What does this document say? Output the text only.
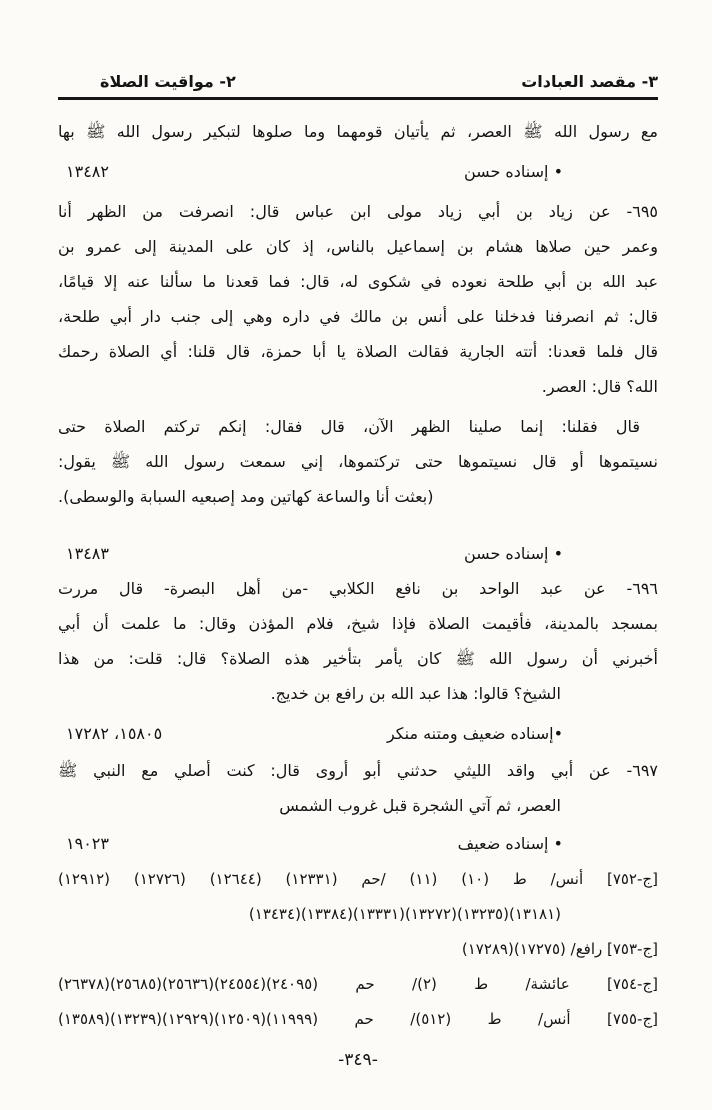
٢- مواقيت الصلاة	٣- مقصد العبادات
مع رسول الله ﷺ العصر، ثم يأتيان قومهما وما صلوها لتبكير رسول الله ﷺ بها
• إسناده حسن
١٣٤٨٢
٦٩٥- عن زياد بن أبي زياد مولى ابن عباس قال: انصرفت من الظهر أنا
وعمر حين صلاها هشام بن إسماعيل بالناس، إذ كان على المدينة إلى عمرو بن
عبد الله بن أبي طلحة نعوده في شكوى له، قال: فما قعدنا ما سألنا عنه إلا قيامًا،
قال: ثم انصرفنا فدخلنا على أنس بن مالك في داره وهي إلى جنب دار أبي طلحة،
قال فلما قعدنا: أتته الجارية فقالت الصلاة يا أبا حمزة، قال قلنا: أي الصلاة رحمك
الله؟ قال: العصر.
قال فقلنا: إنما صلينا الظهر الآن، قال فقال: إنكم تركتم الصلاة حتى
نسيتموها أو قال نسيتموها حتى تركتموها، إني سمعت رسول الله ﷺ يقول:
(بعثت أنا والساعة كهاتين ومد إصبعيه السبابة والوسطى).
• إسناده حسن
١٣٤٨٣
٦٩٦- عن عبد الواحد بن نافع الكلابي -من أهل البصرة- قال مررت
بمسجد بالمدينة، فأقيمت الصلاة فإذا شيخ، فلام المؤذن وقال: ما علمت أن أبي
أخبرني أن رسول الله ﷺ كان يأمر بتأخير هذه الصلاة؟ قال: قلت: من هذا
الشيخ؟ قالوا: هذا عبد الله بن رافع بن خديج.
•إسناده ضعيف ومتنه منكر
١٥٨٠٥، ١٧٢٨٢
٦٩٧- عن أبي واقد الليثي حدثني أبو أروى قال: كنت أصلي مع النبي ﷺ
العصر، ثم آتي الشجرة قبل غروب الشمس
• إسناده ضعيف
١٩٠٢٣
[ج-٧٥٢] أنس/ ط (١٠) (١١) /حم (١٢٣٣١) (١٢٦٤٤) (١٢٧٢٦) (١٢٩١٢)
(١٣١٨١)(١٣٢٣٥)(١٣٢٧٢)(١٣٣٣١)(١٣٣٨٤)(١٣٤٣٤)
[ج-٧٥٣] رافع/ (١٧٢٧٥)(١٧٢٨٩)
[ج-٧٥٤] عائشة/ ط (٢)/ حم (٢٤٠٩٥)(٢٤٥٥٤)(٢٥٦٣٦)(٢٥٦٨٥)(٢٦٣٧٨)
[ج-٧٥٥] أنس/ ط (٥١٢)/ حم (١١٩٩٩)(١٢٥٠٩)(١٢٩٢٩)(١٣٢٣٩)(١٣٥٨٩)
-٣٤٩-
